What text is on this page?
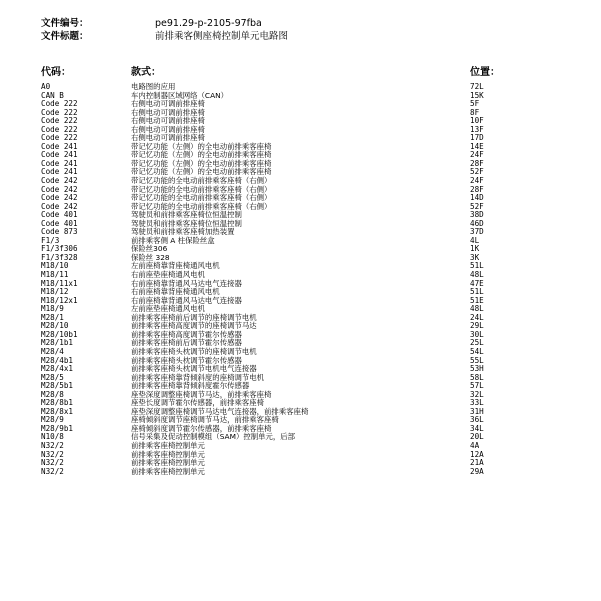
文件编号：	pe91.29-p-2105-97fba
文件标题：	前排乘客侧座椅控制单元电路图
代码：	款式：	位置：
A0	电路图的应用	72L
CAN B	车内控制器区域网络（CAN）	15K
Code 222	右侧电动可调前排座椅	5F
Code 222	右侧电动可调前排座椅	8F
Code 222	右侧电动可调前排座椅	10F
Code 222	右侧电动可调前排座椅	13F
Code 222	右侧电动可调前排座椅	17D
Code 241	带记忆功能（左侧）的全电动前排乘客座椅	14E
Code 241	带记忆功能（左侧）的全电动前排乘客座椅	24F
Code 241	带记忆功能（左侧）的全电动前排乘客座椅	28F
Code 241	带记忆功能（左侧）的全电动前排乘客座椅	52F
Code 242	带记忆功能的全电动前排乘客座椅（右侧）	24F
Code 242	带记忆功能的全电动前排乘客座椅（右侧）	28F
Code 242	带记忆功能的全电动前排乘客座椅（右侧）	14D
Code 242	带记忆功能的全电动前排乘客座椅（右侧）	52F
Code 401	驾驶员和前排乘客座椅位恒温控制	38D
Code 401	驾驶员和前排乘客座椅位恒温控制	46D
Code 873	驾驶员和前排乘客座椅加热装置	37D
F1/3	前排乘客侧 A 柱保险丝盒	4L
F1/3f306	保险丝306	1K
F1/3f328	保险丝 328	3K
M18/10	左前座椅靠背座椅通风电机	51L
M18/11	右前座垫座椅通风电机	48L
M18/11x1	右前座椅靠背通风马达电气连接器	47E
M18/12	右前座椅靠背座椅通风电机	51L
M18/12x1	右前座椅靠背通风马达电气连接器	51E
M18/9	左前座垫座椅通风电机	48L
M28/1	前排乘客座椅前后调节的座椅调节电机	24L
M28/10	前排乘客座椅高度调节的座椅调节马达	29L
M28/10b1	前排乘客座椅高度调节霍尔传感器	30L
M28/1b1	前排乘客座椅前后调节霍尔传感器	25L
M28/4	前排乘客座椅头枕调节的座椅调节电机	54L
M28/4b1	前排乘客座椅头枕调节霍尔传感器	55L
M28/4x1	前排乘客座椅头枕调节电机电气连接器	53H
M28/5	前排乘客座椅靠背倾斜度的座椅调节电机	58L
M28/5b1	前排乘客座椅靠背倾斜度霍尔传感器	57L
M28/8	座垫深度调整座椅调节马达，前排乘客座椅	32L
M28/8b1	座垫长度调节霍尔传感器，前排乘客座椅	33L
M28/8x1	座垫深度调整座椅调节马达电气连接器，前排乘客座椅	31H
M28/9	座椅倾斜度调节座椅调节马达，前排乘客座椅	36L
M28/9b1	座椅倾斜度调节霍尔传感器，前排乘客座椅	34L
N10/8	信号采集及促动控制模组（SAM）控制单元，后部	20L
N32/2	前排乘客座椅控制单元	4A
N32/2	前排乘客座椅控制单元	12A
N32/2	前排乘客座椅控制单元	21A
N32/2	前排乘客座椅控制单元	29A
